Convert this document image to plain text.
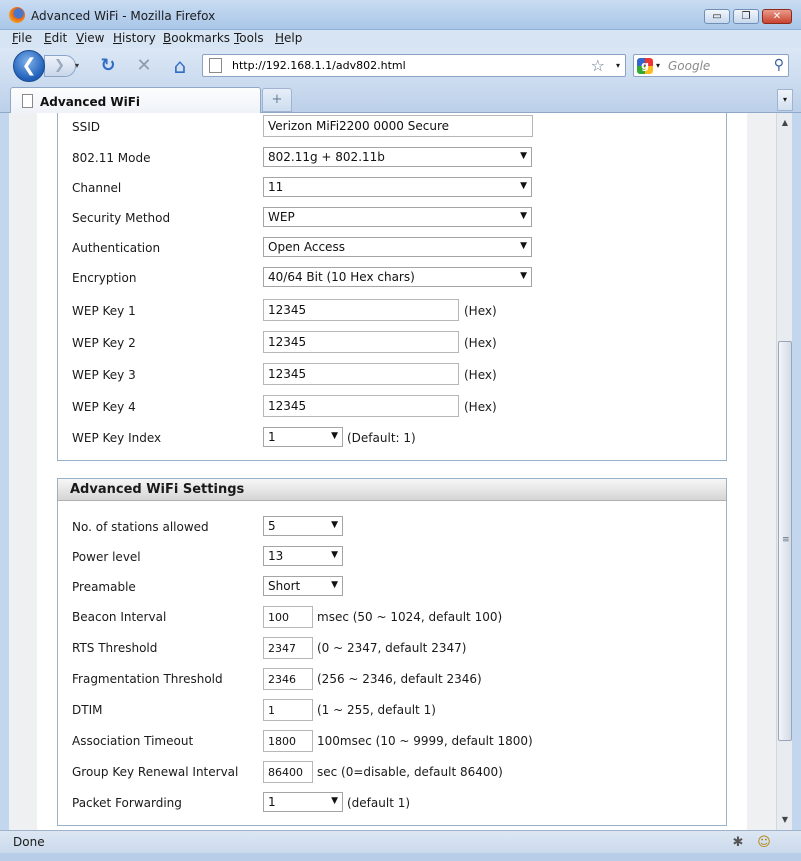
Advanced WiFi - Mozilla Firefox	▭	❐	✕
File Edit View History Bookmarks Tools Help
❯
❮	▾ ↻ ✕ ⌂	http://192.168.1.1/adv802.html	☆ ▾	g ▾ Google	⚲
Advanced WiFi	+	▾
SSID	Verizon MiFi2200 0000 Secure
802.11 Mode	802.11g + 802.11b	▼
Channel	11	▼
Security Method	WEP	▼
Authentication	Open Access	▼
Encryption	40/64 Bit (10 Hex chars)	▼
WEP Key 1	12345	(Hex)
WEP Key 2	12345	(Hex)
WEP Key 3	12345	(Hex)
WEP Key 4	12345	(Hex)
WEP Key Index	1	▼ (Default: 1)
Advanced WiFi Settings
No. of stations allowed	5	▼
Power level	13	▼
Preamable	Short	▼
Beacon Interval	100	msec (50 ~ 1024, default 100)
RTS Threshold	2347	(0 ~ 2347, default 2347)
Fragmentation Threshold	2346	(256 ~ 2346, default 2346)
DTIM	1	(1 ~ 255, default 1)
Association Timeout	1800	100msec (10 ~ 9999, default 1800)
Group Key Renewal Interval	86400	sec (0=disable, default 86400)
Packet Forwarding	1	▼ (default 1)
▲
≡
▼
Done	✱ ☺
